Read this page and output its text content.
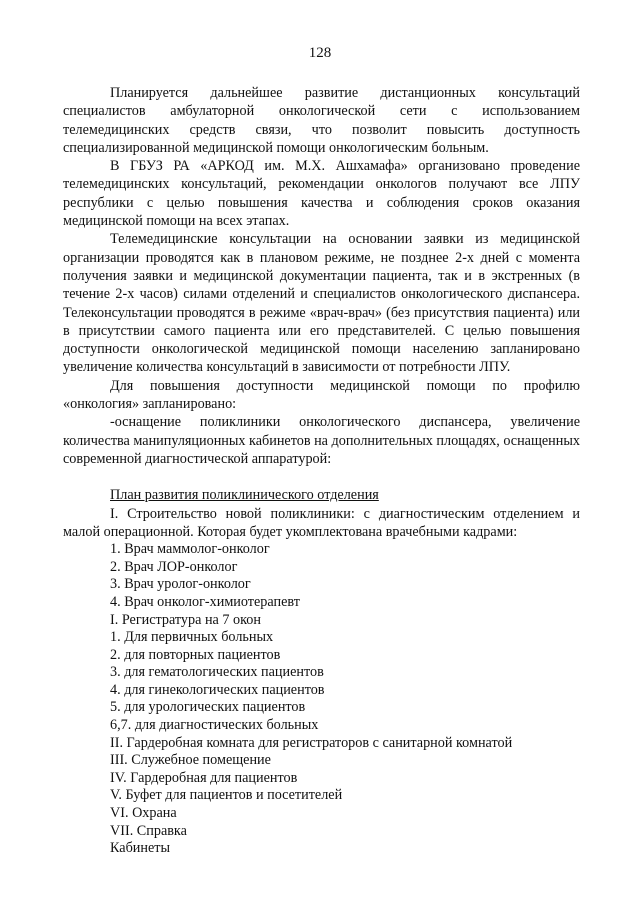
128

Планируется дальнейшее развитие дистанционных консультаций специалистов амбулаторной онкологической сети с использованием телемедицинских средств связи, что позволит повысить доступность специализированной медицинской помощи онкологическим больным.

В ГБУЗ РА «АРКОД им. М.Х. Ашхамафа» организовано проведение телемедицинских консультаций, рекомендации онкологов получают все ЛПУ республики с целью повышения качества и соблюдения сроков оказания медицинской помощи на всех этапах.

Телемедицинские консультации на основании заявки из медицинской организации проводятся как в плановом режиме, не позднее 2-х дней с момента получения заявки и медицинской документации пациента, так и в экстренных (в течение 2-х часов) силами отделений и специалистов онкологического диспансера. Телеконсультации проводятся в режиме «врач-врач» (без присутствия пациента) или в присутствии самого пациента или его представителей. С целью повышения доступности онкологической медицинской помощи населению запланировано увеличение количества консультаций в зависимости от потребности ЛПУ.

Для повышения доступности медицинской помощи по профилю «онкология» запланировано:

-оснащение поликлиники онкологического диспансера, увеличение количества манипуляционных кабинетов на дополнительных площадях, оснащенных современной диагностической аппаратурой:

План развития поликлинического отделения

I. Строительство новой поликлиники: с диагностическим отделением и малой операционной. Которая будет укомплектована врачебными кадрами:

1. Врач маммолог-онколог
2. Врач ЛОР-онколог
3. Врач уролог-онколог
4. Врач онколог-химиотерапевт
I. Регистратура на 7 окон
1. Для первичных больных
2. для повторных пациентов
3. для гематологических пациентов
4. для гинекологических пациентов
5. для урологических пациентов
6,7. для диагностических больных
II. Гардеробная комната для регистраторов с санитарной комнатой
III. Служебное помещение
IV. Гардеробная для пациентов
V. Буфет для пациентов и посетителей
VI. Охрана
VII. Справка
Кабинеты
